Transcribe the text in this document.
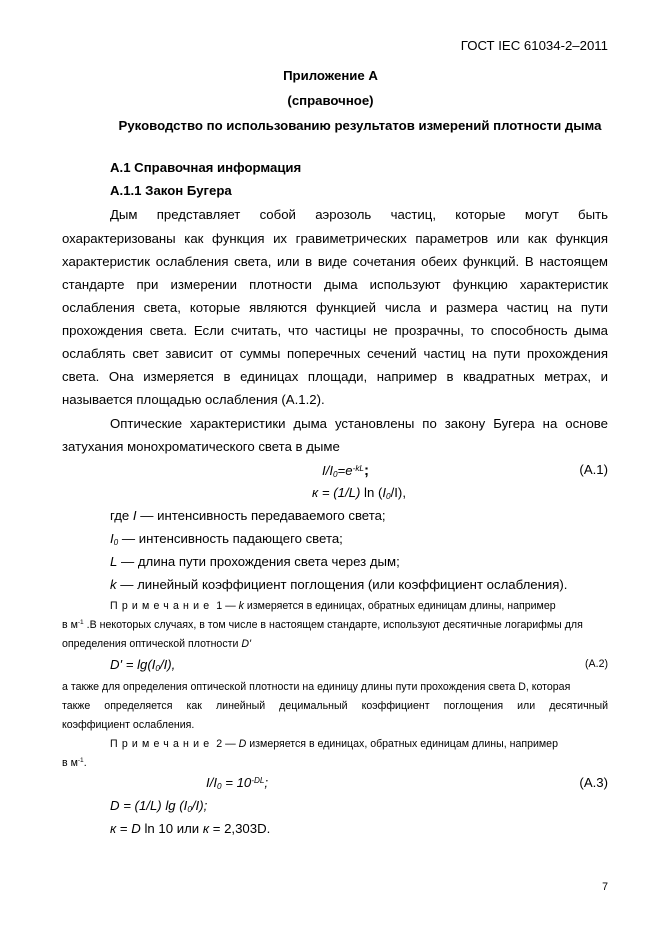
ГОСТ IEC 61034-2–2011
Приложение А
(справочное)
Руководство по использованию результатов измерений плотности дыма
А.1 Справочная информация
А.1.1 Закон Бугера
Дым представляет собой аэрозоль частиц, которые могут быть
охарактеризованы как функция их гравиметрических параметров или как функция
характеристик ослабления света, или в виде сочетания обеих функций. В настоящем
стандарте при измерении плотности дыма используют функцию характеристик
ослабления света, которые являются функцией числа и размера частиц на пути
прохождения света. Если считать, что частицы не прозрачны, то способность дыма
ослаблять свет зависит от суммы поперечных сечений частиц на пути прохождения
света. Она измеряется в единицах площади, например в квадратных метрах, и
называется площадью ослабления (А.1.2).
Оптические характеристики дыма установлены по закону Бугера на основе
затухания монохроматического света в дыме
$I/I_0=e^{-kL}$;	(А.1)
к = (1/L) $\ln (I_0/I)$,
где I — интенсивность передаваемого света;
$I_0$ — интенсивность падающего света;
L — длина пути прохождения света через дым;
k — линейный коэффициент поглощения (или коэффициент ослабления).
Примечание 1 — k измеряется в единицах, обратных единицам длины, например
в $м^{-1}$ .В некоторых случаях, в том числе в настоящем стандарте, используют десятичные логарифмы для
определения оптической плотности D'
$D' = \lg(I_0/I)$,	(А.2)
а также для определения оптической плотности на единицу длины пути прохождения света D, которая
также определяется как линейный децимальный коэффициент поглощения или десятичный
коэффициент ослабления.
Примечание 2 — D измеряется в единицах, обратных единицам длины, например
в $м^{-1}$.
$I/I_0 = 10^{-DL}$;	(А.3)
D = (1/L) $\lg (I_0/I)$;
к = D ln 10 или к = 2,303D.
7
